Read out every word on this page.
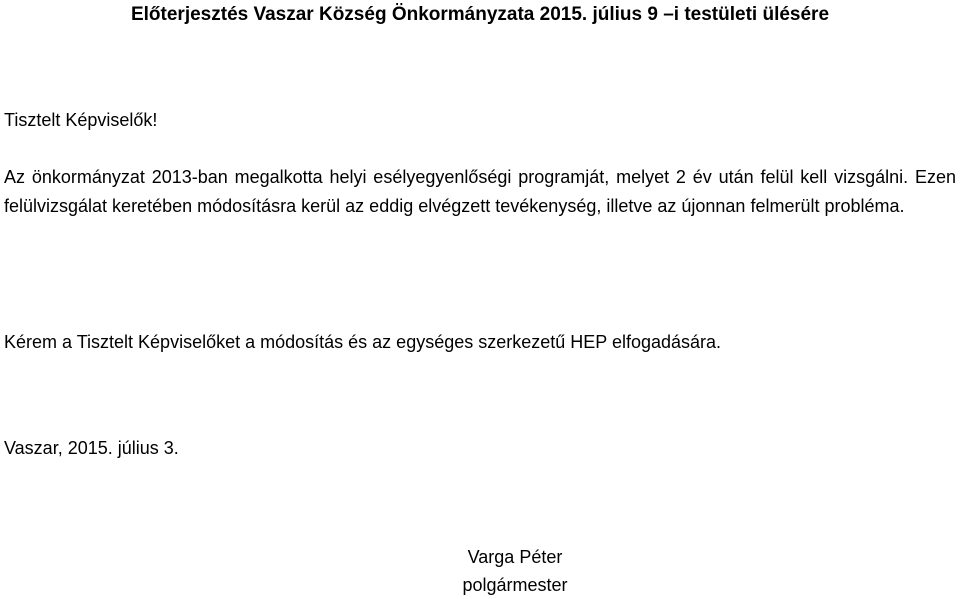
Előterjesztés Vaszar Község Önkormányzata 2015. július 9 –i testületi ülésére
Tisztelt Képviselők!
Az önkormányzat 2013-ban megalkotta helyi esélyegyenlőségi programját, melyet 2 év után felül kell vizsgálni. Ezen felülvizsgálat keretében módosításra kerül az eddig elvégzett tevékenység, illetve az újonnan felmerült probléma.
Kérem a Tisztelt Képviselőket a módosítás és az egységes szerkezetű HEP elfogadására.
Vaszar, 2015. július 3.
Varga Péter
polgármester
